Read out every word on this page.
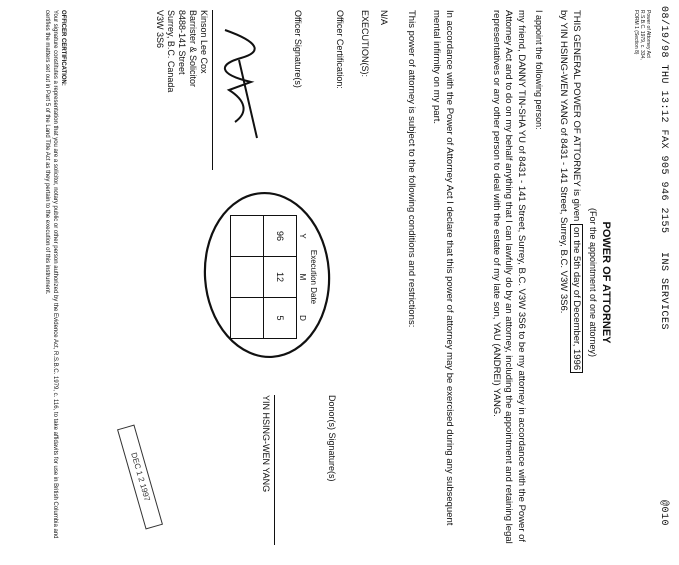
08/19/98 THU 13:12 FAX 905 946 2155
INS SERVICES
@010
Power of Attorney Act
R.S.B.C. 1979, c. 334,
FORM 1 (Section 8)
POWER OF ATTORNEY
(For the appointment of one attorney)
THIS GENERAL POWER OF ATTORNEY is given on the 5th day of December, 1996
by YIN HSING-WEN YANG of 8431 - 141 Street, Surrey, B.C. V3W 3S6.
I appoint the following person:
my friend, DANNY TIN-SHA YU of 8431 - 141 Street, Surrey, B.C. V3W 3S6 to be my attorney in accordance with the Power of Attorney Act and to do on my behalf anything that I can lawfully do by an attorney, including the appointment and retaining legal representatives or any other person to deal with the estate of my late son, YAU (ANDREI) YANG.
In accordance with the Power of Attorney Act I declare that this power of attorney may be exercised during any subsequent mental infirmity on my part.
This power of attorney is subject to the following conditions and restrictions:
N/A
EXECUTION(S):
Officer Certification:
Execution Date		
Y	M	D
96	12	5

Donor(s) Signature(s)
YIN HSING-WEN YANG
Officer Signature(s)
Kinson Lee Cox
Barrister & Solicitor
8488-141 Street
Surrey, B.C. Canada
V3W 3S6
DEC 1 2 1997
OFFICER CERTIFICATION:
Your signature constitutes a representation that you are a solicitor, notary public or other person authorized by the Evidence Act, R.S.B.C. 1979, c. 116, to take affidavits for use in British Columbia and certifies the matters set out in Part 5 of the Land Title Act as they pertain to the execution of this instrument.
